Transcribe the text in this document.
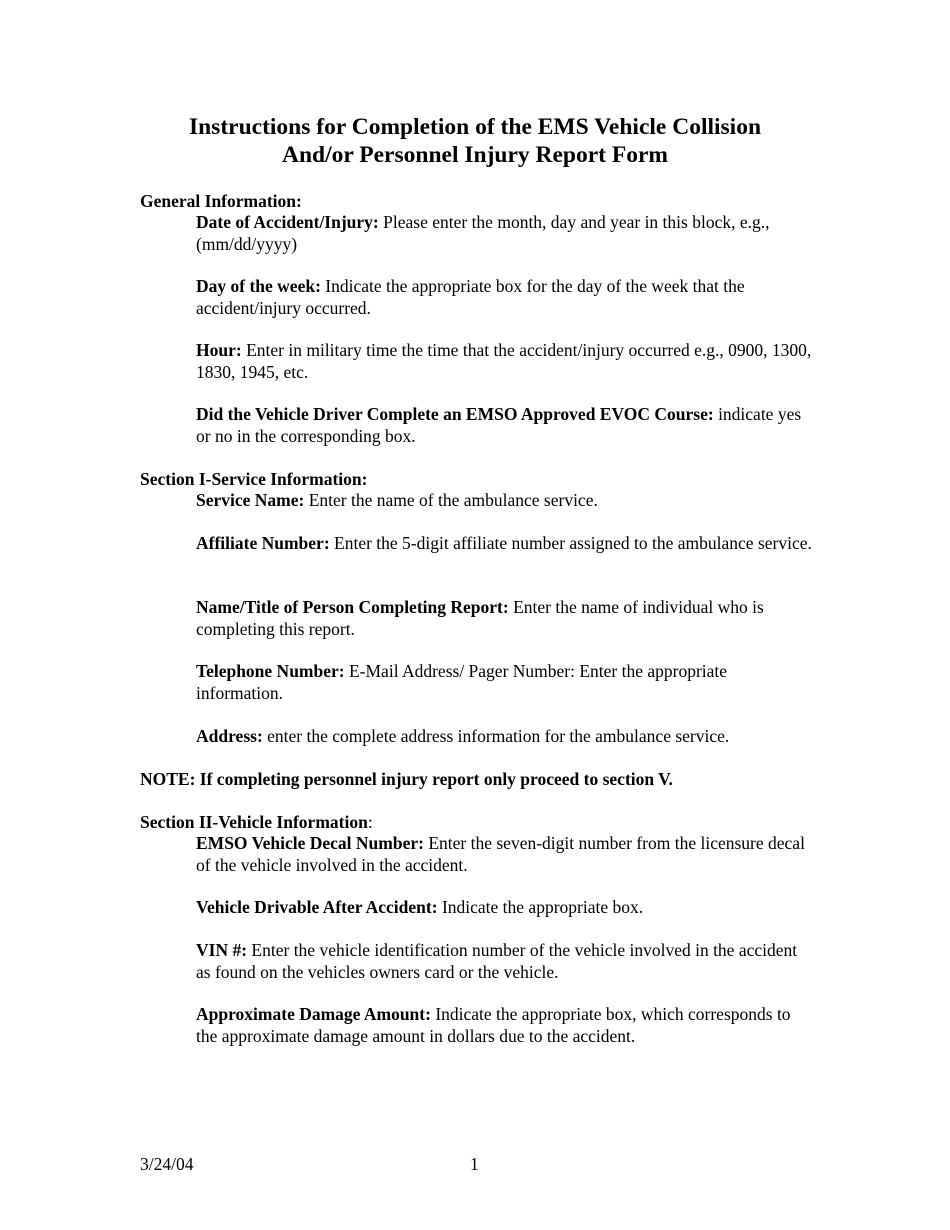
Instructions for Completion of the EMS Vehicle Collision
And/or Personnel Injury Report Form
General Information:
Date of Accident/Injury: Please enter the month, day and year in this block, e.g., (mm/dd/yyyy)
Day of the week: Indicate the appropriate box for the day of the week that the accident/injury occurred.
Hour: Enter in military time the time that the accident/injury occurred e.g., 0900, 1300, 1830, 1945, etc.
Did the Vehicle Driver Complete an EMSO Approved EVOC Course: indicate yes or no in the corresponding box.
Section I-Service Information:
Service Name: Enter the name of the ambulance service.
Affiliate Number: Enter the 5-digit affiliate number assigned to the ambulance service.
Name/Title of Person Completing Report: Enter the name of individual who is completing this report.
Telephone Number: E-Mail Address/ Pager Number: Enter the appropriate information.
Address: enter the complete address information for the ambulance service.
NOTE: If completing personnel injury report only proceed to section V.
Section II-Vehicle Information:
EMSO Vehicle Decal Number: Enter the seven-digit number from the licensure decal of the vehicle involved in the accident.
Vehicle Drivable After Accident: Indicate the appropriate box.
VIN #: Enter the vehicle identification number of the vehicle involved in the accident as found on the vehicles owners card or the vehicle.
Approximate Damage Amount: Indicate the appropriate box, which corresponds to the approximate damage amount in dollars due to the accident.
3/24/04	1
